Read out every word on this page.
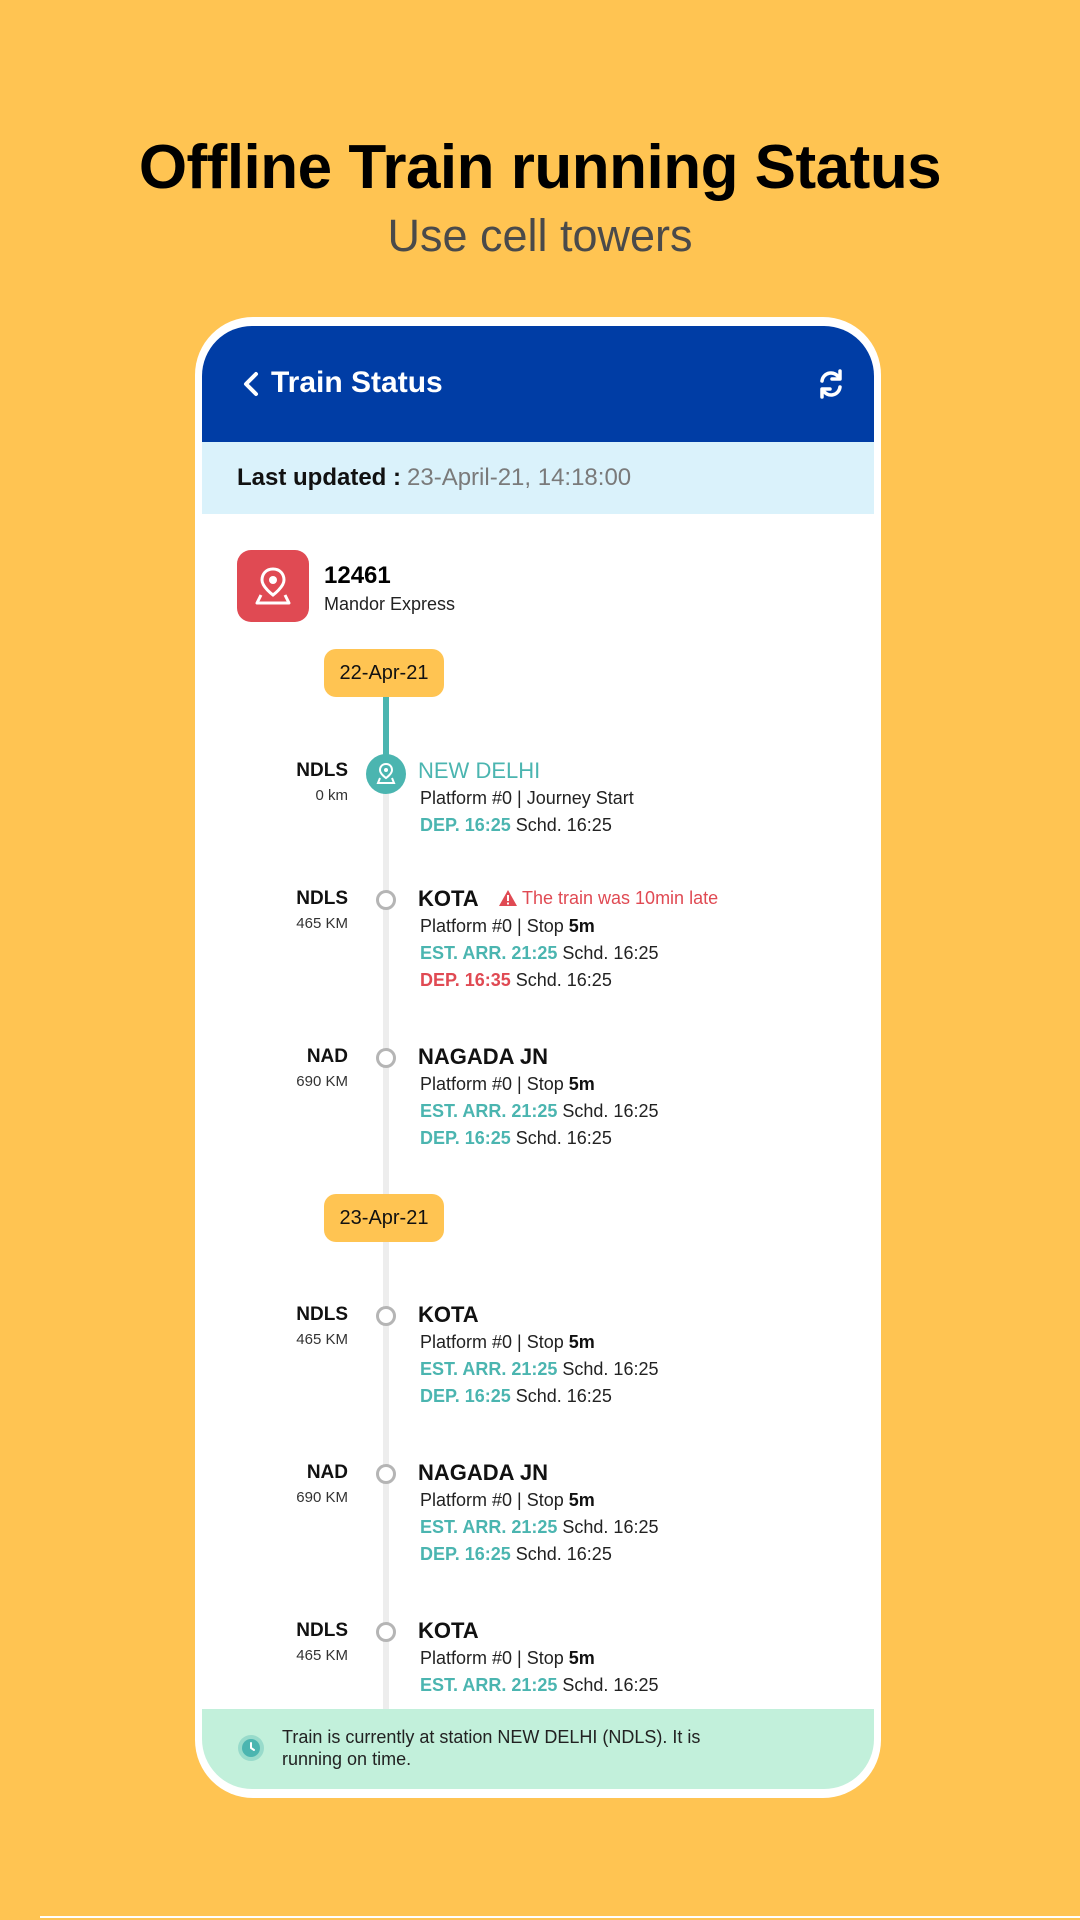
Offline Train running Status
Use cell towers
Train Status
Last updated : 23-April-21, 14:18:00
12461
Mandor Express
22-Apr-21
NDLS
0 km
NEW DELHI
Platform #0 | Journey Start
DEP. 16:25 Schd. 16:25
NDLS
465 KM
KOTA	The train was 10min late
Platform #0 | Stop 5m
EST. ARR. 21:25 Schd. 16:25
DEP. 16:35 Schd. 16:25
NAD
690 KM
NAGADA JN
Platform #0 | Stop 5m
EST. ARR. 21:25 Schd. 16:25
DEP. 16:25 Schd. 16:25
23-Apr-21
NDLS
465 KM
KOTA
Platform #0 | Stop 5m
EST. ARR. 21:25 Schd. 16:25
DEP. 16:25 Schd. 16:25
NAD
690 KM
NAGADA JN
Platform #0 | Stop 5m
EST. ARR. 21:25 Schd. 16:25
DEP. 16:25 Schd. 16:25
NDLS
465 KM
KOTA
Platform #0 | Stop 5m
EST. ARR. 21:25 Schd. 16:25
Train is currently at station NEW DELHI (NDLS). It is running on time.
